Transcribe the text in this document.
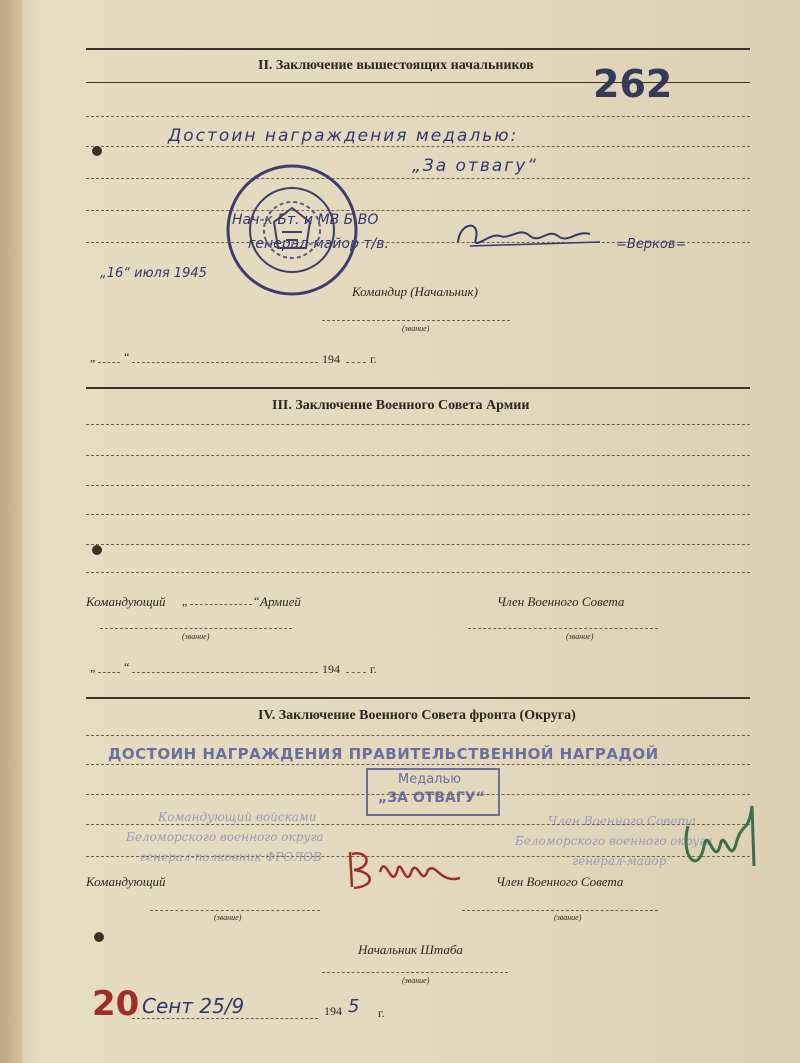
II. Заключение вышестоящих начальников 262
Достоин награждения медалью:
„За отвагу“
Нач-к Бт. и МВ Б.ВО
генерал-майор т/в.	=Верков=
„16“ июля 1945
Командир (Начальник)
(звание)
„ “	194	г.
III. Заключение Военного Совета Армии
Командующий „	“ Армией	Член Военного Совета
(звание)	(звание)
„ “	194	г.
IV. Заключение Военного Совета фронта (Округа)
ДОСТОИН НАГРАЖДЕНИЯ ПРАВИТЕЛЬСТВЕННОЙ НАГРАДОЙ
Медалью
„ЗА ОТВАГУ“
Командующий войсками
Беломорского военного округа
генерал-полковник ФРОЛОВ
Член Военного Совета
Беломорского военного округа
генерал-майор
Командующий	Член Военного Совета
(звание)	(звание)
Начальник Штаба
(звание)
20 Сент 25/9	194 5 г.
